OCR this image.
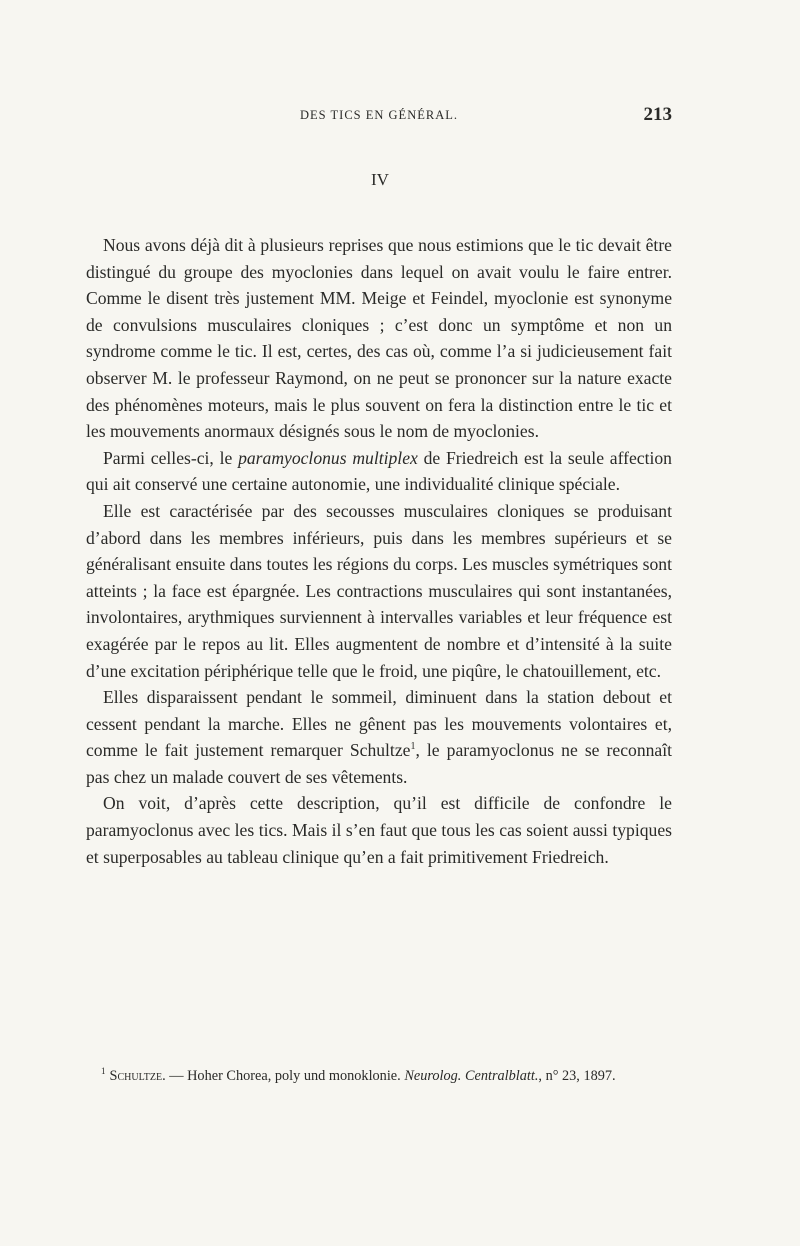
DES TICS EN GÉNÉRAL.	213
IV

Nous avons déjà dit à plusieurs reprises que nous estimions que le tic devait être distingué du groupe des myoclonies dans lequel on avait voulu le faire entrer. Comme le disent très justement MM. Meige et Feindel, myoclonie est synonyme de convulsions musculaires cloniques ; c’est donc un symptôme et non un syndrome comme le tic. Il est, certes, des cas où, comme l’a si judicieusement fait observer M. le professeur Raymond, on ne peut se prononcer sur la nature exacte des phénomènes moteurs, mais le plus souvent on fera la distinction entre le tic et les mouvements anormaux désignés sous le nom de myoclonies.

Parmi celles-ci, le paramyoclonus multiplex de Friedreich est la seule affection qui ait conservé une certaine autonomie, une individualité clinique spéciale.

Elle est caractérisée par des secousses musculaires cloniques se produisant d’abord dans les membres inférieurs, puis dans les membres supérieurs et se généralisant ensuite dans toutes les régions du corps. Les muscles symétriques sont atteints ; la face est épargnée. Les contractions musculaires qui sont instantanées, involontaires, arythmiques surviennent à intervalles variables et leur fréquence est exagérée par le repos au lit. Elles augmentent de nombre et d’intensité à la suite d’une excitation périphérique telle que le froid, une piqûre, le chatouillement, etc.

Elles disparaissent pendant le sommeil, diminuent dans la station debout et cessent pendant la marche. Elles ne gênent pas les mouvements volontaires et, comme le fait justement remarquer Schultze$^1$, le paramyoclonus ne se reconnaît pas chez un malade couvert de ses vêtements.

On voit, d’après cette description, qu’il est difficile de confondre le paramyoclonus avec les tics. Mais il s’en faut que tous les cas soient aussi typiques et superposables au tableau clinique qu’en a fait primitivement Friedreich.

$^1$ Schultze. — Hoher Chorea, poly und monoklonie. Neurolog. Centralblatt., n° 23, 1897.
